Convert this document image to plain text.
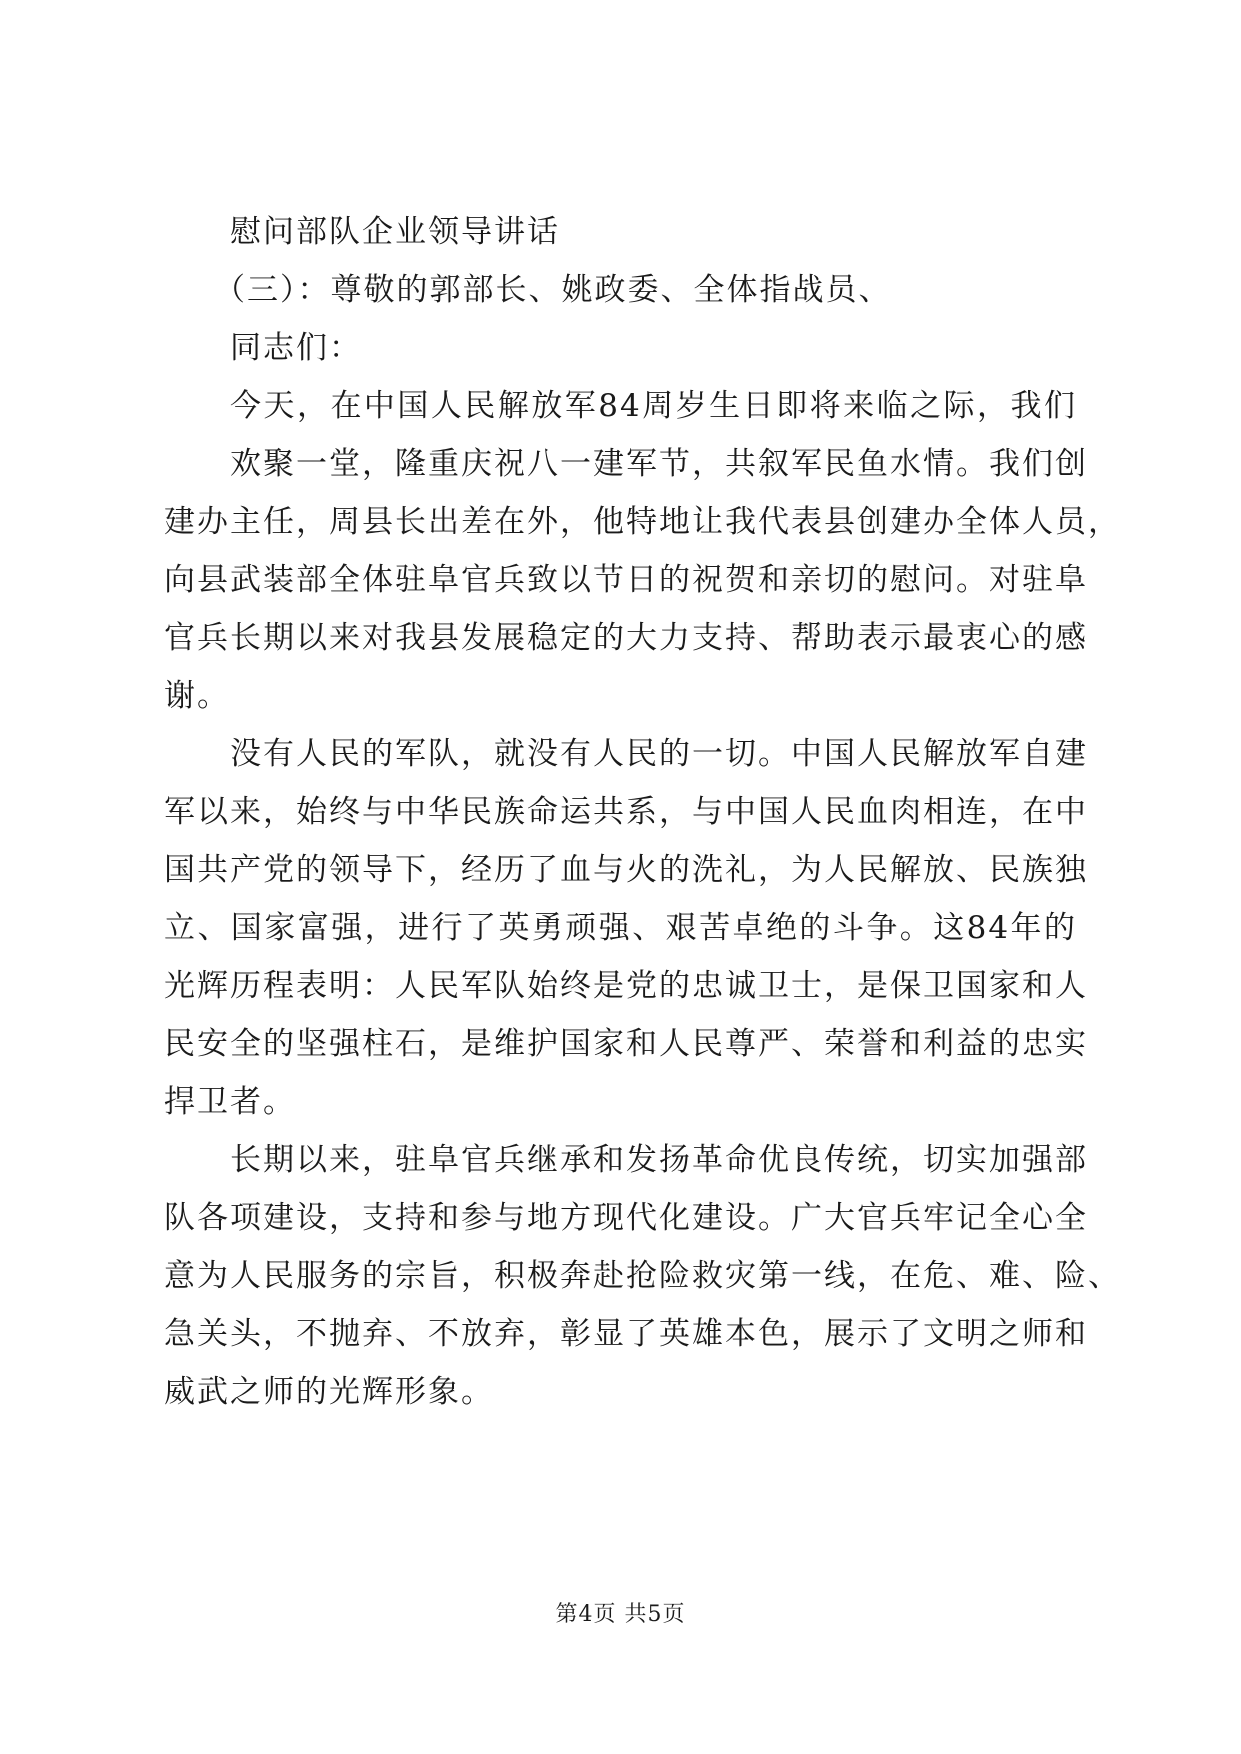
慰问部队企业领导讲话
（三）：尊敬的郭部长、姚政委、全体指战员、
同志们：
今天，在中国人民解放军84周岁生日即将来临之际，我们
欢聚一堂，隆重庆祝八一建军节，共叙军民鱼水情。我们创
建办主任，周县长出差在外，他特地让我代表县创建办全体人员，
向县武装部全体驻阜官兵致以节日的祝贺和亲切的慰问。对驻阜
官兵长期以来对我县发展稳定的大力支持、帮助表示最衷心的感
谢。
没有人民的军队，就没有人民的一切。中国人民解放军自建
军以来，始终与中华民族命运共系，与中国人民血肉相连，在中
国共产党的领导下，经历了血与火的洗礼，为人民解放、民族独
立、国家富强，进行了英勇顽强、艰苦卓绝的斗争。这84年的
光辉历程表明：人民军队始终是党的忠诚卫士，是保卫国家和人
民安全的坚强柱石，是维护国家和人民尊严、荣誉和利益的忠实
捍卫者。
长期以来，驻阜官兵继承和发扬革命优良传统，切实加强部
队各项建设，支持和参与地方现代化建设。广大官兵牢记全心全
意为人民服务的宗旨，积极奔赴抢险救灾第一线，在危、难、险、
急关头，不抛弃、不放弃，彰显了英雄本色，展示了文明之师和
威武之师的光辉形象。
第4页 共5页
